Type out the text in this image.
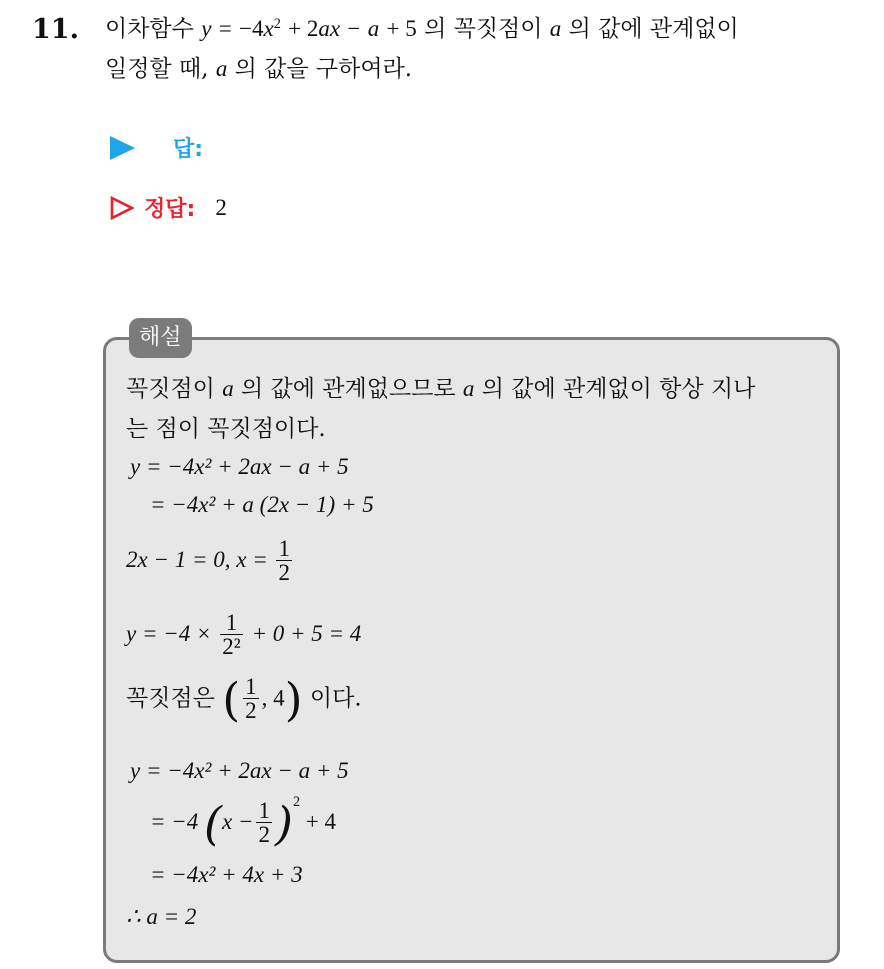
11. 이차함수 $y = -4x^2 + 2ax - a + 5$ 의 꼭짓점이 a 의 값에 관계없이
일정할 때, a 의 값을 구하여라.
답:
정답: 2
해설
꼭짓점이 a 의 값에 관계없으므로 a 의 값에 관계없이 항상 지나
는 점이 꼭짓점이다.
y = −4x² + 2ax − a + 5
= −4x² + a (2x − 1) + 5
2x − 1 = 0, $x = \frac{1}{2}$
$y = -4 \times \frac{1}{\text{2²}} + 0 + 5 = 4$
꼭짓점은 ( $\frac{1}{2}$ , 4) 이다.
y = −4x² + 2ax − a + 5
= −4 $(x - \frac{1}{2} )^2 + 4$
= −4x² + 4x + 3
∴ a = 2
